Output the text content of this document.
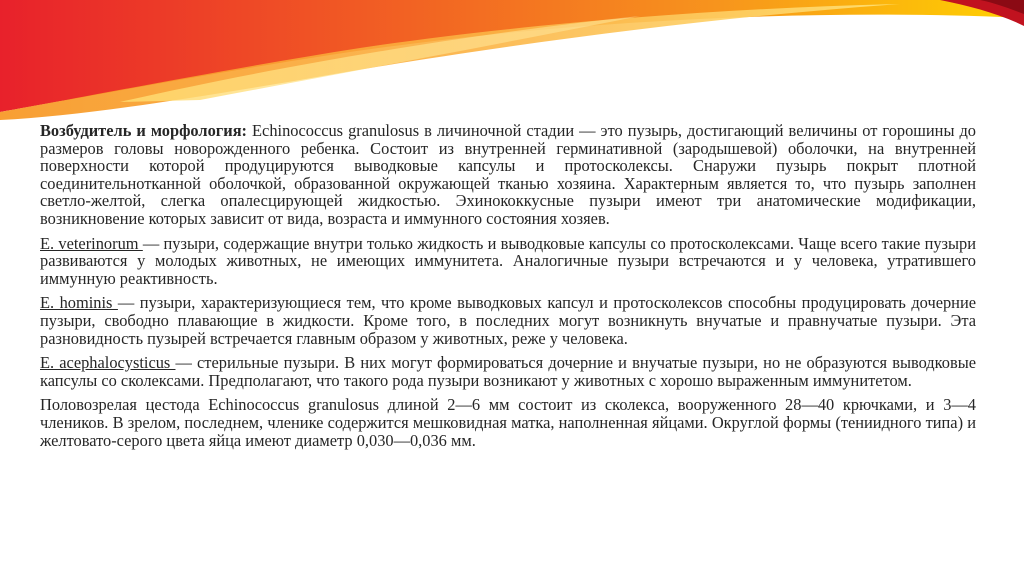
Возбудитель и морфология: Echinococcus granulosus в личиночной стадии — это пузырь, достигающий величины от горошины до размеров головы новорожденного ребенка. Состоит из внутренней герминативной (зародышевой) оболочки, на внутренней поверхности которой продуцируются выводковые капсулы и протосколексы. Снаружи пузырь покрыт плотной соединительнотканной оболочкой, образованной окружающей тканью хозяина. Характерным является то, что пузырь заполнен светло-желтой, слегка опалесцирующей жидкостью. Эхинококкусные пузыри имеют три анатомические модификации, возникновение которых зависит от вида, возраста и иммунного состояния хозяев.

E. veterinorum — пузыри, содержащие внутри только жидкость и выводковые капсулы со протосколексами. Чаще всего такие пузыри развиваются у молодых животных, не имеющих иммунитета. Аналогичные пузыри встречаются и у человека, утратившего иммунную реактивность.

E. hominis — пузыри, характеризующиеся тем, что кроме выводковых капсул и протосколексов способны продуцировать дочерние пузыри, свободно плавающие в жидкости. Кроме того, в последних могут возникнуть внучатые и правнучатые пузыри. Эта разновидность пузырей встречается главным образом у животных, реже у человека.

E. acephalocysticus — стерильные пузыри. В них могут формироваться дочерние и внучатые пузыри, но не образуются выводковые капсулы со сколексами. Предполагают, что такого рода пузыри возникают у животных с хорошо выраженным иммунитетом.

Половозрелая цестода Echinococcus granulosus длиной 2—6 мм состоит из сколекса, вооруженного 28—40 крючками, и 3—4 члеников. В зрелом, последнем, членике содержится мешковидная матка, наполненная яйцами. Округлой формы (тениидного типа) и желтовато-серого цвета яйца имеют диаметр 0,030—0,036 мм.
